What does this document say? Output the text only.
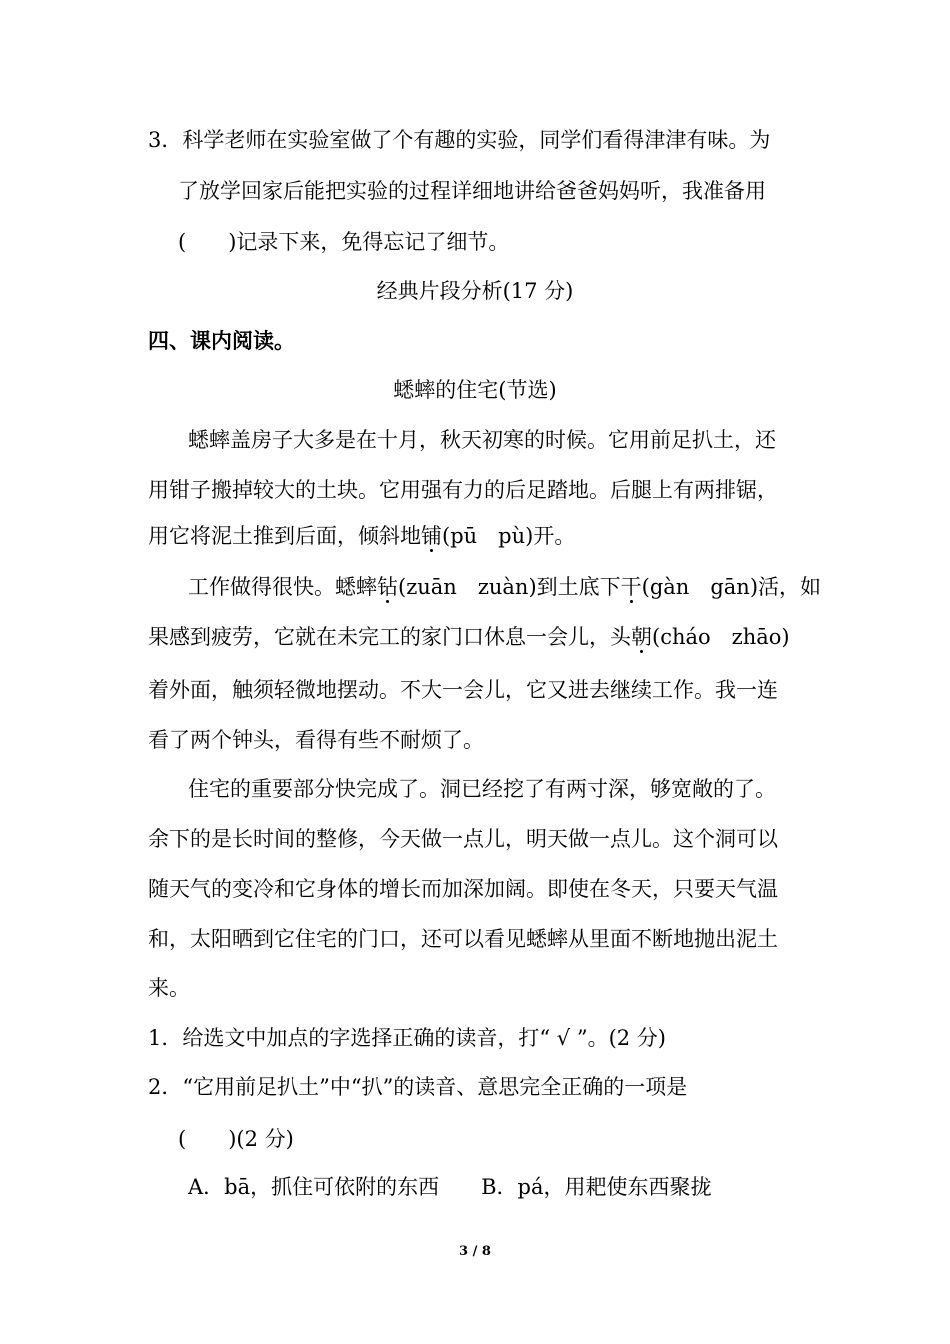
3．科学老师在实验室做了个有趣的实验，同学们看得津津有味。为
了放学回家后能把实验的过程详细地讲给爸爸妈妈听，我准备用
(　　)记录下来，免得忘记了细节。
经典片段分析(17 分)
四、课内阅读。
蟋蟀的住宅(节选)
蟋蟀盖房子大多是在十月，秋天初寒的时候。它用前足扒土，还
用钳子搬掉较大的土块。它用强有力的后足踏地。后腿上有两排锯，
用它将泥土推到后面，倾斜地铺(pū　pù)开。
工作做得很快。蟋蟀钻(zuān　zuàn)到土底下干(gàn　gān)活，如
果感到疲劳，它就在未完工的家门口休息一会儿，头朝(cháo　zhāo)
着外面，触须轻微地摆动。不大一会儿，它又进去继续工作。我一连
看了两个钟头，看得有些不耐烦了。
住宅的重要部分快完成了。洞已经挖了有两寸深，够宽敞的了。
余下的是长时间的整修，今天做一点儿，明天做一点儿。这个洞可以
随天气的变冷和它身体的增长而加深加阔。即使在冬天，只要天气温
和，太阳晒到它住宅的门口，还可以看见蟋蟀从里面不断地抛出泥土
来。
1．给选文中加点的字选择正确的读音，打“ √ ”。(2 分)
2．“它用前足扒土”中“扒”的读音、意思完全正确的一项是
(　　)(2 分)
A．bā，抓住可依附的东西　　B．pá，用耙使东西聚拢
3 / 8
